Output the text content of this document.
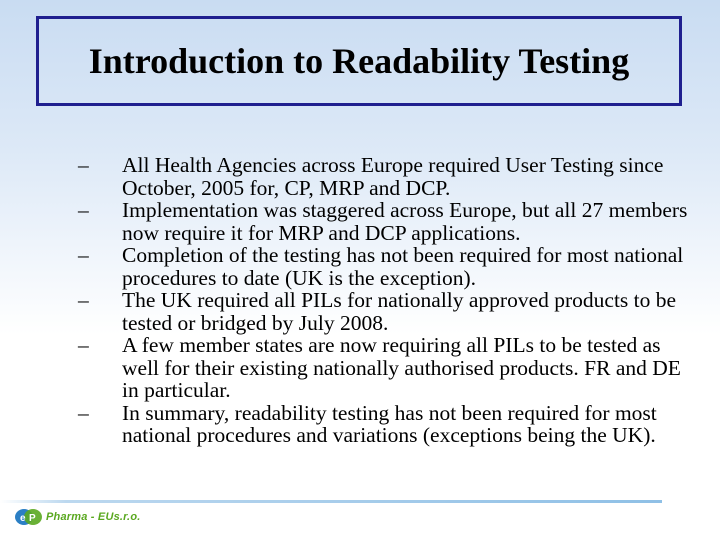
Introduction to Readability Testing
–	All Health Agencies across Europe required User Testing since October, 2005 for, CP, MRP and DCP.
–	Implementation was staggered across Europe, but all 27 members now require it for MRP and DCP applications.
–	Completion of the testing has not been required for most national procedures to date (UK is the exception).
–	The UK required all PILs for nationally approved products to be tested or bridged by July 2008.
–	A few member states are now requiring all PILs to be tested as well for their existing nationally authorised products. FR and DE in particular.
–	In summary, readability testing has not been required for most national procedures and variations (exceptions being the UK).
e P Pharma - EUs.r.o.
